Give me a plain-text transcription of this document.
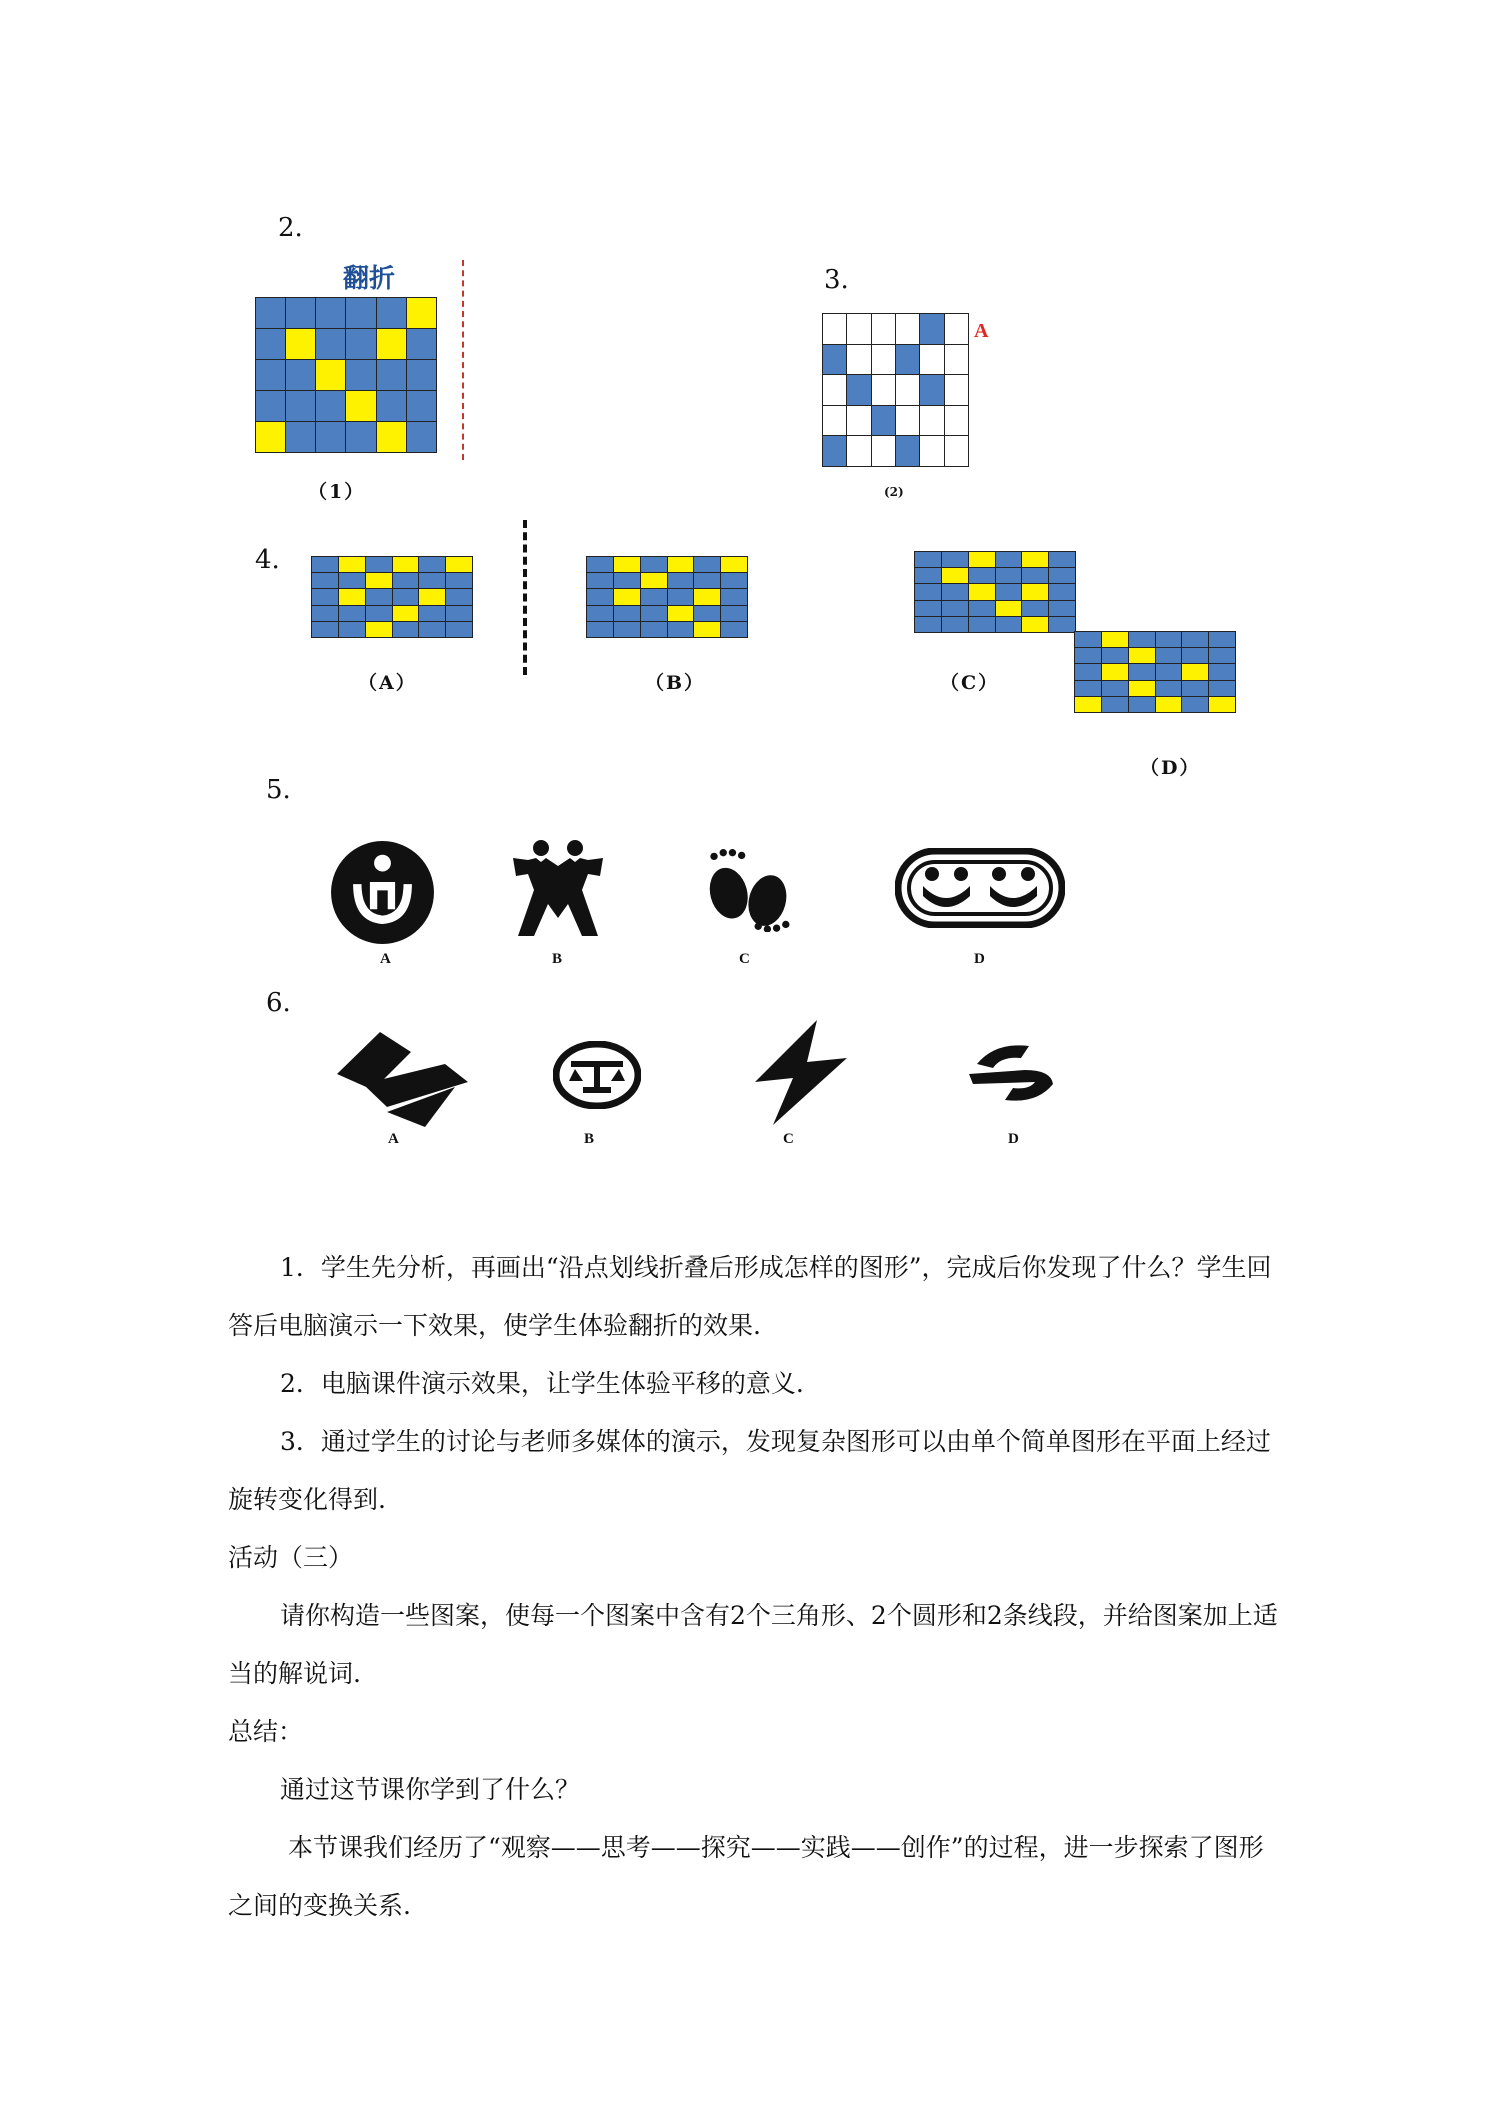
2.
翻折
（1）
3.
A
(2)
4.
（A）	（B）	（C）
（D）
5.
A	B	C	D
6.
A	B	C	D
1．学生先分析，再画出“沿点划线折叠后形成怎样的图形”，完成后你发现了什么？学生回答后电脑演示一下效果，使学生体验翻折的效果.
2．电脑课件演示效果，让学生体验平移的意义.
3．通过学生的讨论与老师多媒体的演示，发现复杂图形可以由单个简单图形在平面上经过旋转变化得到.
活动（三）
请你构造一些图案，使每一个图案中含有2个三角形、2个圆形和2条线段，并给图案加上适当的解说词.
总结：
通过这节课你学到了什么？
本节课我们经历了“观察——思考——探究——实践——创作”的过程，进一步探索了图形之间的变换关系.
